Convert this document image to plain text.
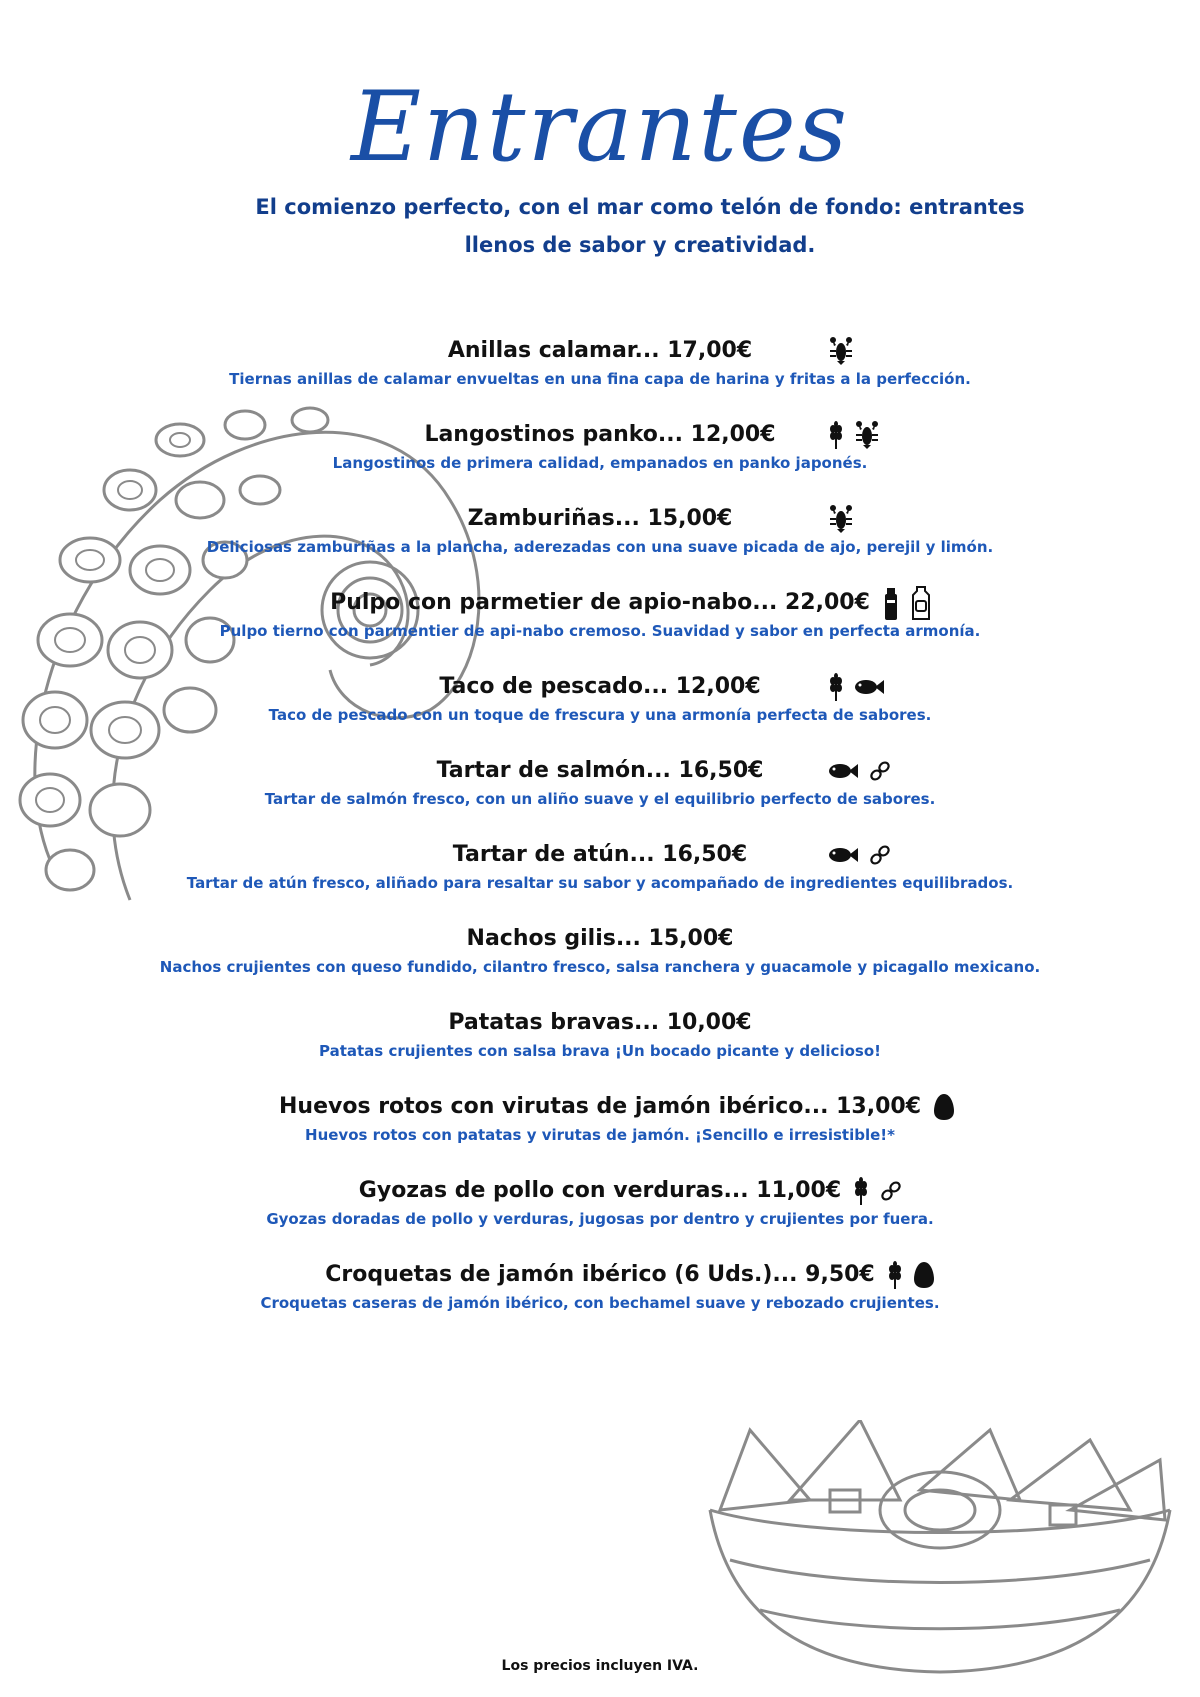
Entrantes
El comienzo perfecto, con el mar como telón de fondo: entrantes
llenos de sabor y creatividad.
Anillas calamar... 17,00€
Tiernas anillas de calamar envueltas en una fina capa de harina y fritas a la perfección.
Langostinos panko... 12,00€
Langostinos de primera calidad, empanados en panko japonés.
Zamburiñas... 15,00€
Deliciosas zamburiñas a la plancha, aderezadas con una suave picada de ajo, perejil y limón.
Pulpo con parmetier de apio-nabo... 22,00€
Pulpo tierno con parmentier de api-nabo cremoso. Suavidad y sabor en perfecta armonía.
Taco de pescado... 12,00€
Taco de pescado con un toque de frescura y una armonía perfecta de sabores.
Tartar de salmón... 16,50€
Tartar de salmón fresco, con un aliño suave y el equilibrio perfecto de sabores.
Tartar de atún... 16,50€
Tartar de atún fresco, aliñado para resaltar su sabor y acompañado de ingredientes equilibrados.
Nachos gilis... 15,00€
Nachos crujientes con queso fundido, cilantro fresco, salsa ranchera y guacamole y picagallo mexicano.
Patatas bravas... 10,00€
Patatas crujientes con salsa brava ¡Un bocado picante y delicioso!
Huevos rotos con virutas de jamón ibérico... 13,00€
Huevos rotos con patatas y virutas de jamón. ¡Sencillo e irresistible!*
Gyozas de pollo con verduras... 11,00€
Gyozas doradas de pollo y verduras, jugosas por dentro y crujientes por fuera.
Croquetas de jamón ibérico (6 Uds.)... 9,50€
Croquetas caseras de jamón ibérico, con bechamel suave y rebozado crujientes.
Los precios incluyen IVA.
